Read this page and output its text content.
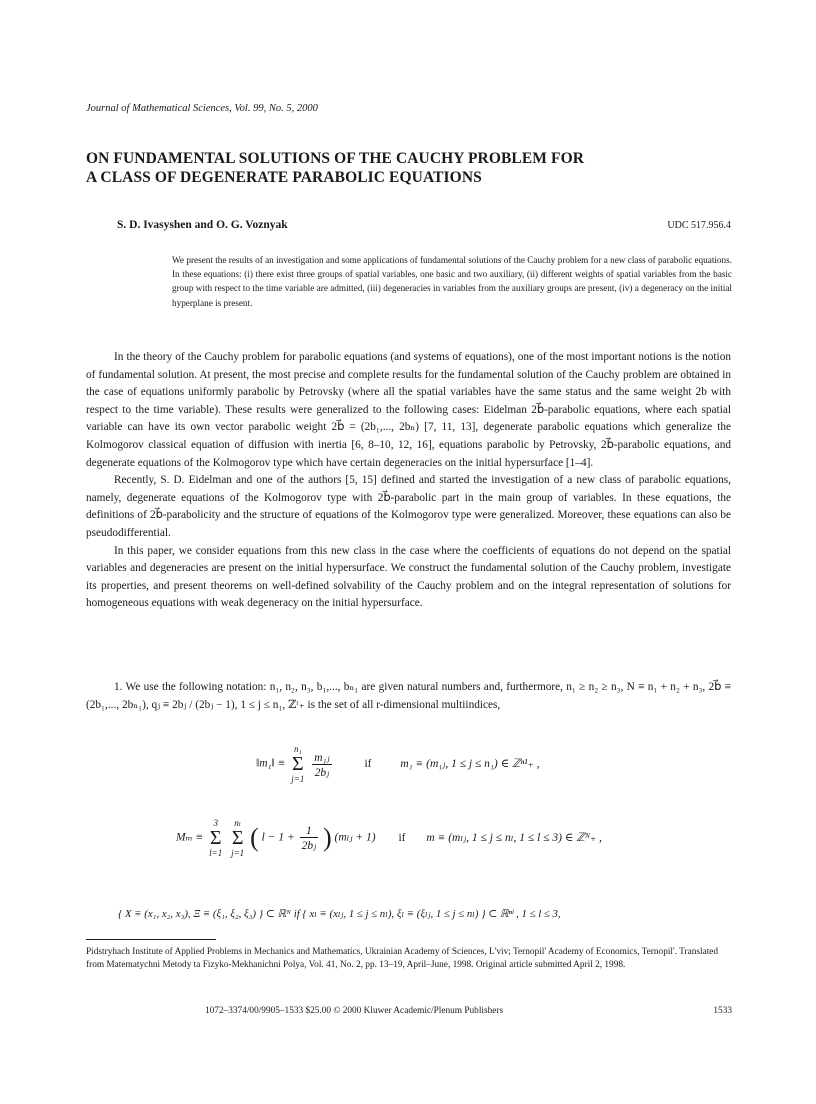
Journal of Mathematical Sciences, Vol. 99, No. 5, 2000
ON FUNDAMENTAL SOLUTIONS OF THE CAUCHY PROBLEM FOR
A CLASS OF DEGENERATE PARABOLIC EQUATIONS
S. D. Ivasyshen and O. G. Voznyak	UDC 517.956.4
We present the results of an investigation and some applications of fundamental solutions of the Cauchy problem for a new class of parabolic equations. In these equations: (i) there exist three groups of spatial variables, one basic and two auxiliary, (ii) different weights of spatial variables from the basic group with respect to the time variable are admitted, (iii) degeneracies in variables from the auxiliary groups are present, (iv) a degeneracy on the initial hyperplane is present.

In the theory of the Cauchy problem for parabolic equations (and systems of equations), one of the most important notions is the notion of fundamental solution. At present, the most precise and complete results for the fundamental solution of the Cauchy problem are obtained in the case of equations uniformly parabolic by Petrovsky (where all the spatial variables have the same status and the same weight 2b with respect to the time variable). These results were generalized to the following cases: Eidelman 2b⃗-parabolic equations, where each spatial variable can have its own vector parabolic weight 2b⃗ = (2b₁,..., 2bₙ) [7, 11, 13], degenerate parabolic equations which generalize the Kolmogorov classical equation of diffusion with inertia [6, 8–10, 12, 16], equations parabolic by Petrovsky, 2b⃗-parabolic equations, and degenerate equations of the Kolmogorov type which have certain degeneracies on the initial hypersurface [1–4].

Recently, S. D. Eidelman and one of the authors [5, 15] defined and started the investigation of a new class of parabolic equations, namely, degenerate equations of the Kolmogorov type with 2b⃗-parabolic part in the main group of variables. In these equations, the definitions of 2b⃗-parabolicity and the structure of equations of the Kolmogorov type were generalized. Moreover, these equations can also be pseudodifferential.

In this paper, we consider equations from this new class in the case where the coefficients of equations do not depend on the spatial variables and degeneracies are present on the initial hypersurface. We construct the fundamental solution of the Cauchy problem, investigate its properties, and present theorems on well-defined solvability of the Cauchy problem and on the integral representation of solutions for homogeneous equations with weak degeneracy on the initial hypersurface.

1. We use the following notation: n₁, n₂, n₃, b₁,..., bₙ₁ are given natural numbers and, furthermore, n₁ ≥ n₂ ≥ n₃, N ≡ n₁ + n₂ + n₃, 2b⃗ ≡ (2b₁,..., 2bₙ₁), qⱼ ≡ 2bⱼ / (2bⱼ − 1), 1 ≤ j ≤ n₁, ℤʳ₊ is the set of all r-dimensional multiindices,

‖m₁‖ ≡
n₁
Σ
j=1

$\frac{\text{m₁ⱼ}}{\text{2bⱼ}}$	if	m₁ ≡ (m₁ⱼ, 1 ≤ j ≤ n₁) ∈ ℤⁿ¹₊ ,
Mₘ ≡
3
Σ
l=1

nₗ
Σ
j=1
( $l - 1 + \frac{1}{\text{2bⱼ}}$ ) (mₗⱼ + 1) if m ≡ (mₗⱼ, 1 ≤ j ≤ nₗ, 1 ≤ l ≤ 3) ∈ ℤᴺ₊ ,
{ X ≡ (x₁, x₂, x₃), Ξ ≡ (ξ₁, ξ₂, ξ₃) } ⊂ ℝᴺ if { xₗ ≡ (xₗⱼ, 1 ≤ j ≤ nₗ), ξₗ ≡ (ξₗⱼ, 1 ≤ j ≤ nₗ) } ⊂ ℝⁿˡ , 1 ≤ l ≤ 3,
Pidstryhach Institute of Applied Problems in Mechanics and Mathematics, Ukrainian Academy of Sciences, L'viv; Ternopil' Academy of Economics, Ternopil'. Translated from Matematychni Metody ta Fizyko-Mekhanichni Polya, Vol. 41, No. 2, pp. 13–19, April–June, 1998. Original article submitted April 2, 1998.
1072–3374/00/9905–1533 $25.00 © 2000 Kluwer Academic/Plenum Publishers	1533
